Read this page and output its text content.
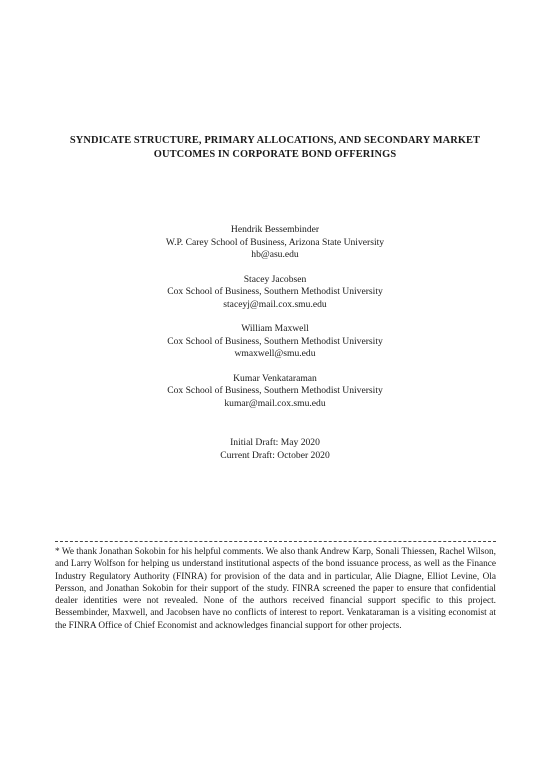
SYNDICATE STRUCTURE, PRIMARY ALLOCATIONS, AND SECONDARY MARKET
OUTCOMES IN CORPORATE BOND OFFERINGS
Hendrik Bessembinder
W.P. Carey School of Business, Arizona State University
hb@asu.edu
Stacey Jacobsen
Cox School of Business, Southern Methodist University
staceyj@mail.cox.smu.edu
William Maxwell
Cox School of Business, Southern Methodist University
wmaxwell@smu.edu
Kumar Venkataraman
Cox School of Business, Southern Methodist University
kumar@mail.cox.smu.edu
Initial Draft: May 2020
Current Draft: October 2020
* We thank Jonathan Sokobin for his helpful comments. We also thank Andrew Karp, Sonali Thiessen, Rachel Wilson, and Larry Wolfson for helping us understand institutional aspects of the bond issuance process, as well as the Finance Industry Regulatory Authority (FINRA) for provision of the data and in particular, Alie Diagne, Elliot Levine, Ola Persson, and Jonathan Sokobin for their support of the study. FINRA screened the paper to ensure that confidential dealer identities were not revealed. None of the authors received financial support specific to this project. Bessembinder, Maxwell, and Jacobsen have no conflicts of interest to report. Venkataraman is a visiting economist at the FINRA Office of Chief Economist and acknowledges financial support for other projects.
